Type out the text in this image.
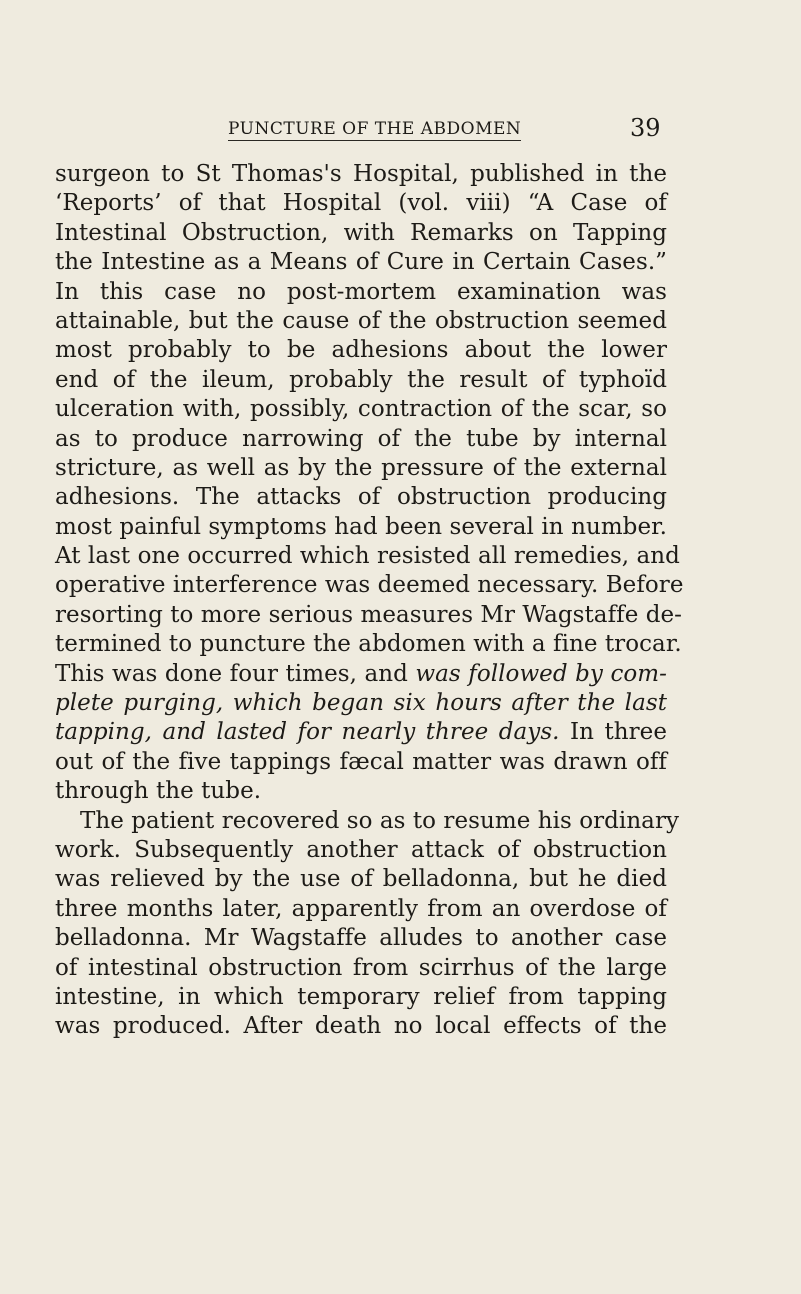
PUNCTURE OF THE ABDOMEN	39
surgeon to St Thomas's Hospital, published in the
‘Reports’ of that Hospital (vol. viii) “A Case of
Intestinal Obstruction, with Remarks on Tapping
the Intestine as a Means of Cure in Certain Cases.”
In this case no post-mortem examination was
attainable, but the cause of the obstruction seemed
most probably to be adhesions about the lower
end of the ileum, probably the result of typhoïd
ulceration with, possibly, contraction of the scar, so
as to produce narrowing of the tube by internal
stricture, as well as by the pressure of the external
adhesions. The attacks of obstruction producing
most painful symptoms had been several in number.
At last one occurred which resisted all remedies, and
operative interference was deemed necessary. Before
resorting to more serious measures Mr Wagstaffe de-
termined to puncture the abdomen with a fine trocar.
This was done four times, and was followed by com-
plete purging, which began six hours after the last
tapping, and lasted for nearly three days. In three
out of the five tappings fæcal matter was drawn off
through the tube.
The patient recovered so as to resume his ordinary
work. Subsequently another attack of obstruction
was relieved by the use of belladonna, but he died
three months later, apparently from an overdose of
belladonna. Mr Wagstaffe alludes to another case
of intestinal obstruction from scirrhus of the large
intestine, in which temporary relief from tapping
was produced. After death no local effects of the
